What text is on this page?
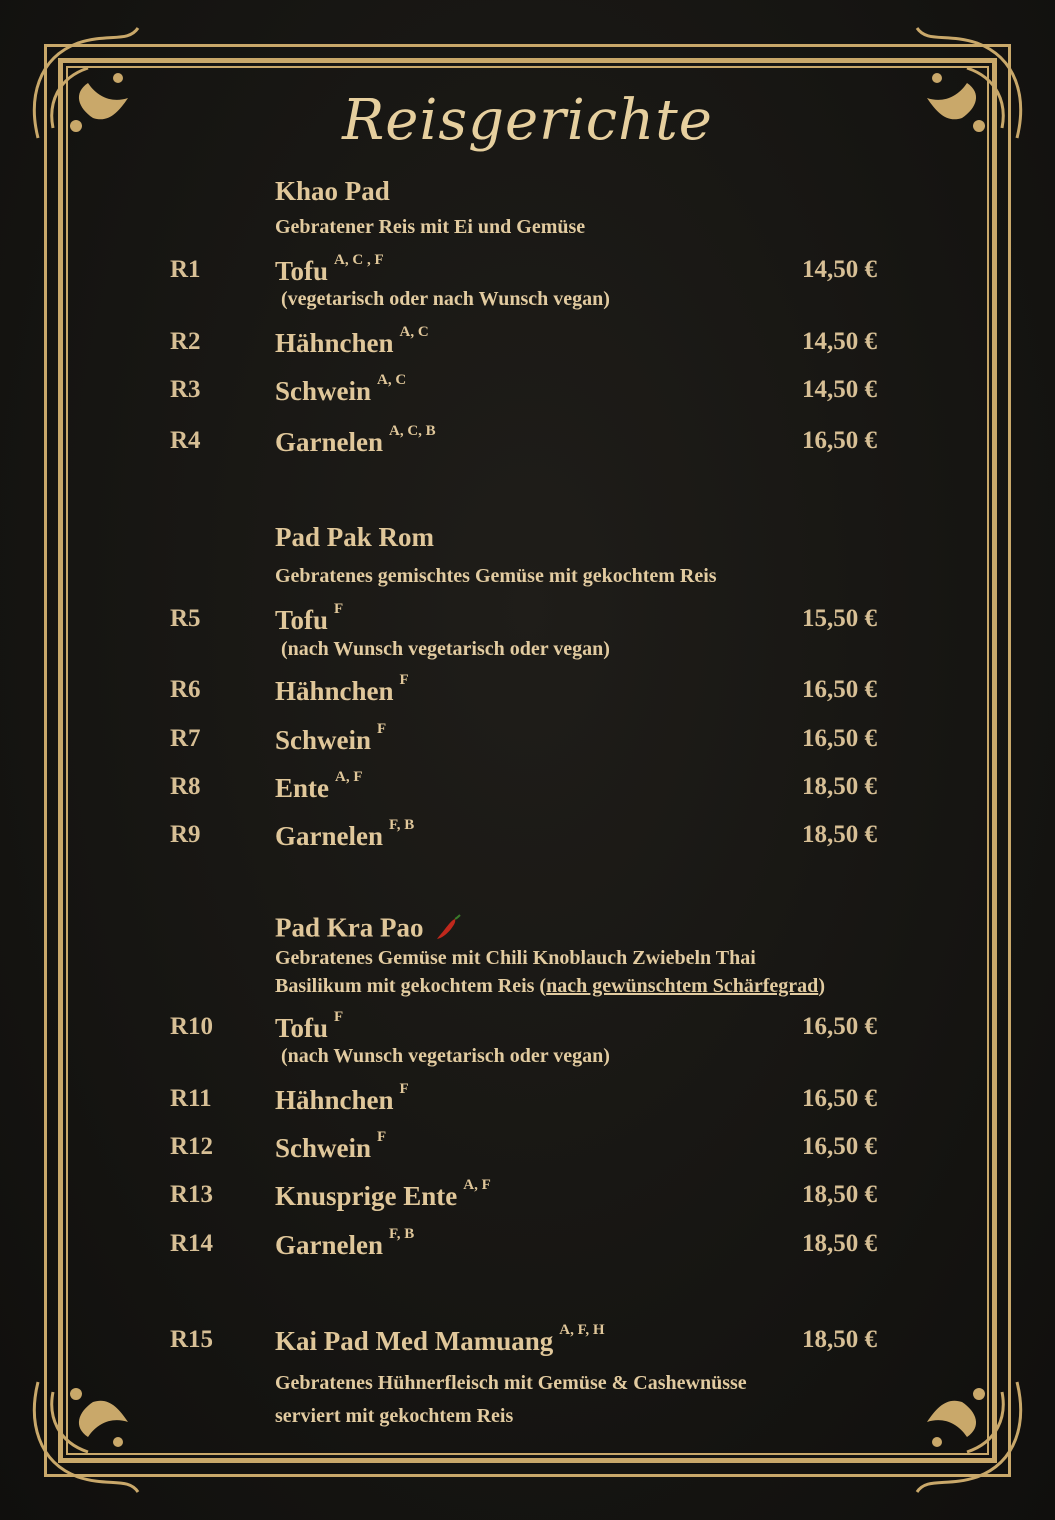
Reisgerichte
Khao Pad
Gebratener Reis mit Ei und Gemüse
R1	Tofu $^{A, C , F}$	14,50 €
(vegetarisch oder nach Wunsch vegan)
R2	Hähnchen $^{A, C}$	14,50 €
R3	Schwein $^{A, C}$	14,50 €
R4	Garnelen $^{A, C, B}$	16,50 €
Pad Pak Rom
Gebratenes gemischtes Gemüse mit gekochtem Reis
R5	Tofu $^F$	15,50 €
(nach Wunsch vegetarisch oder vegan)
R6	Hähnchen $^F$	16,50 €
R7	Schwein $^F$	16,50 €
R8	Ente $^{A, F}$	18,50 €
R9	Garnelen $^{F, B}$	18,50 €
Pad Kra Pao
Gebratenes Gemüse mit Chili Knoblauch Zwiebeln Thai
Basilikum mit gekochtem Reis (nach gewünschtem Schärfegrad)
R10 Tofu $^F$	16,50 €
(nach Wunsch vegetarisch oder vegan)
R11 Hähnchen $^F$	16,50 €
R12 Schwein $^F$	16,50 €
R13 Knusprige Ente $^{A, F}$	18,50 €
R14 Garnelen $^{F, B}$	18,50 €
R15 Kai Pad Med Mamuang $^{A, F, H}$	18,50 €
Gebratenes Hühnerfleisch mit Gemüse & Cashewnüsse
serviert mit gekochtem Reis
